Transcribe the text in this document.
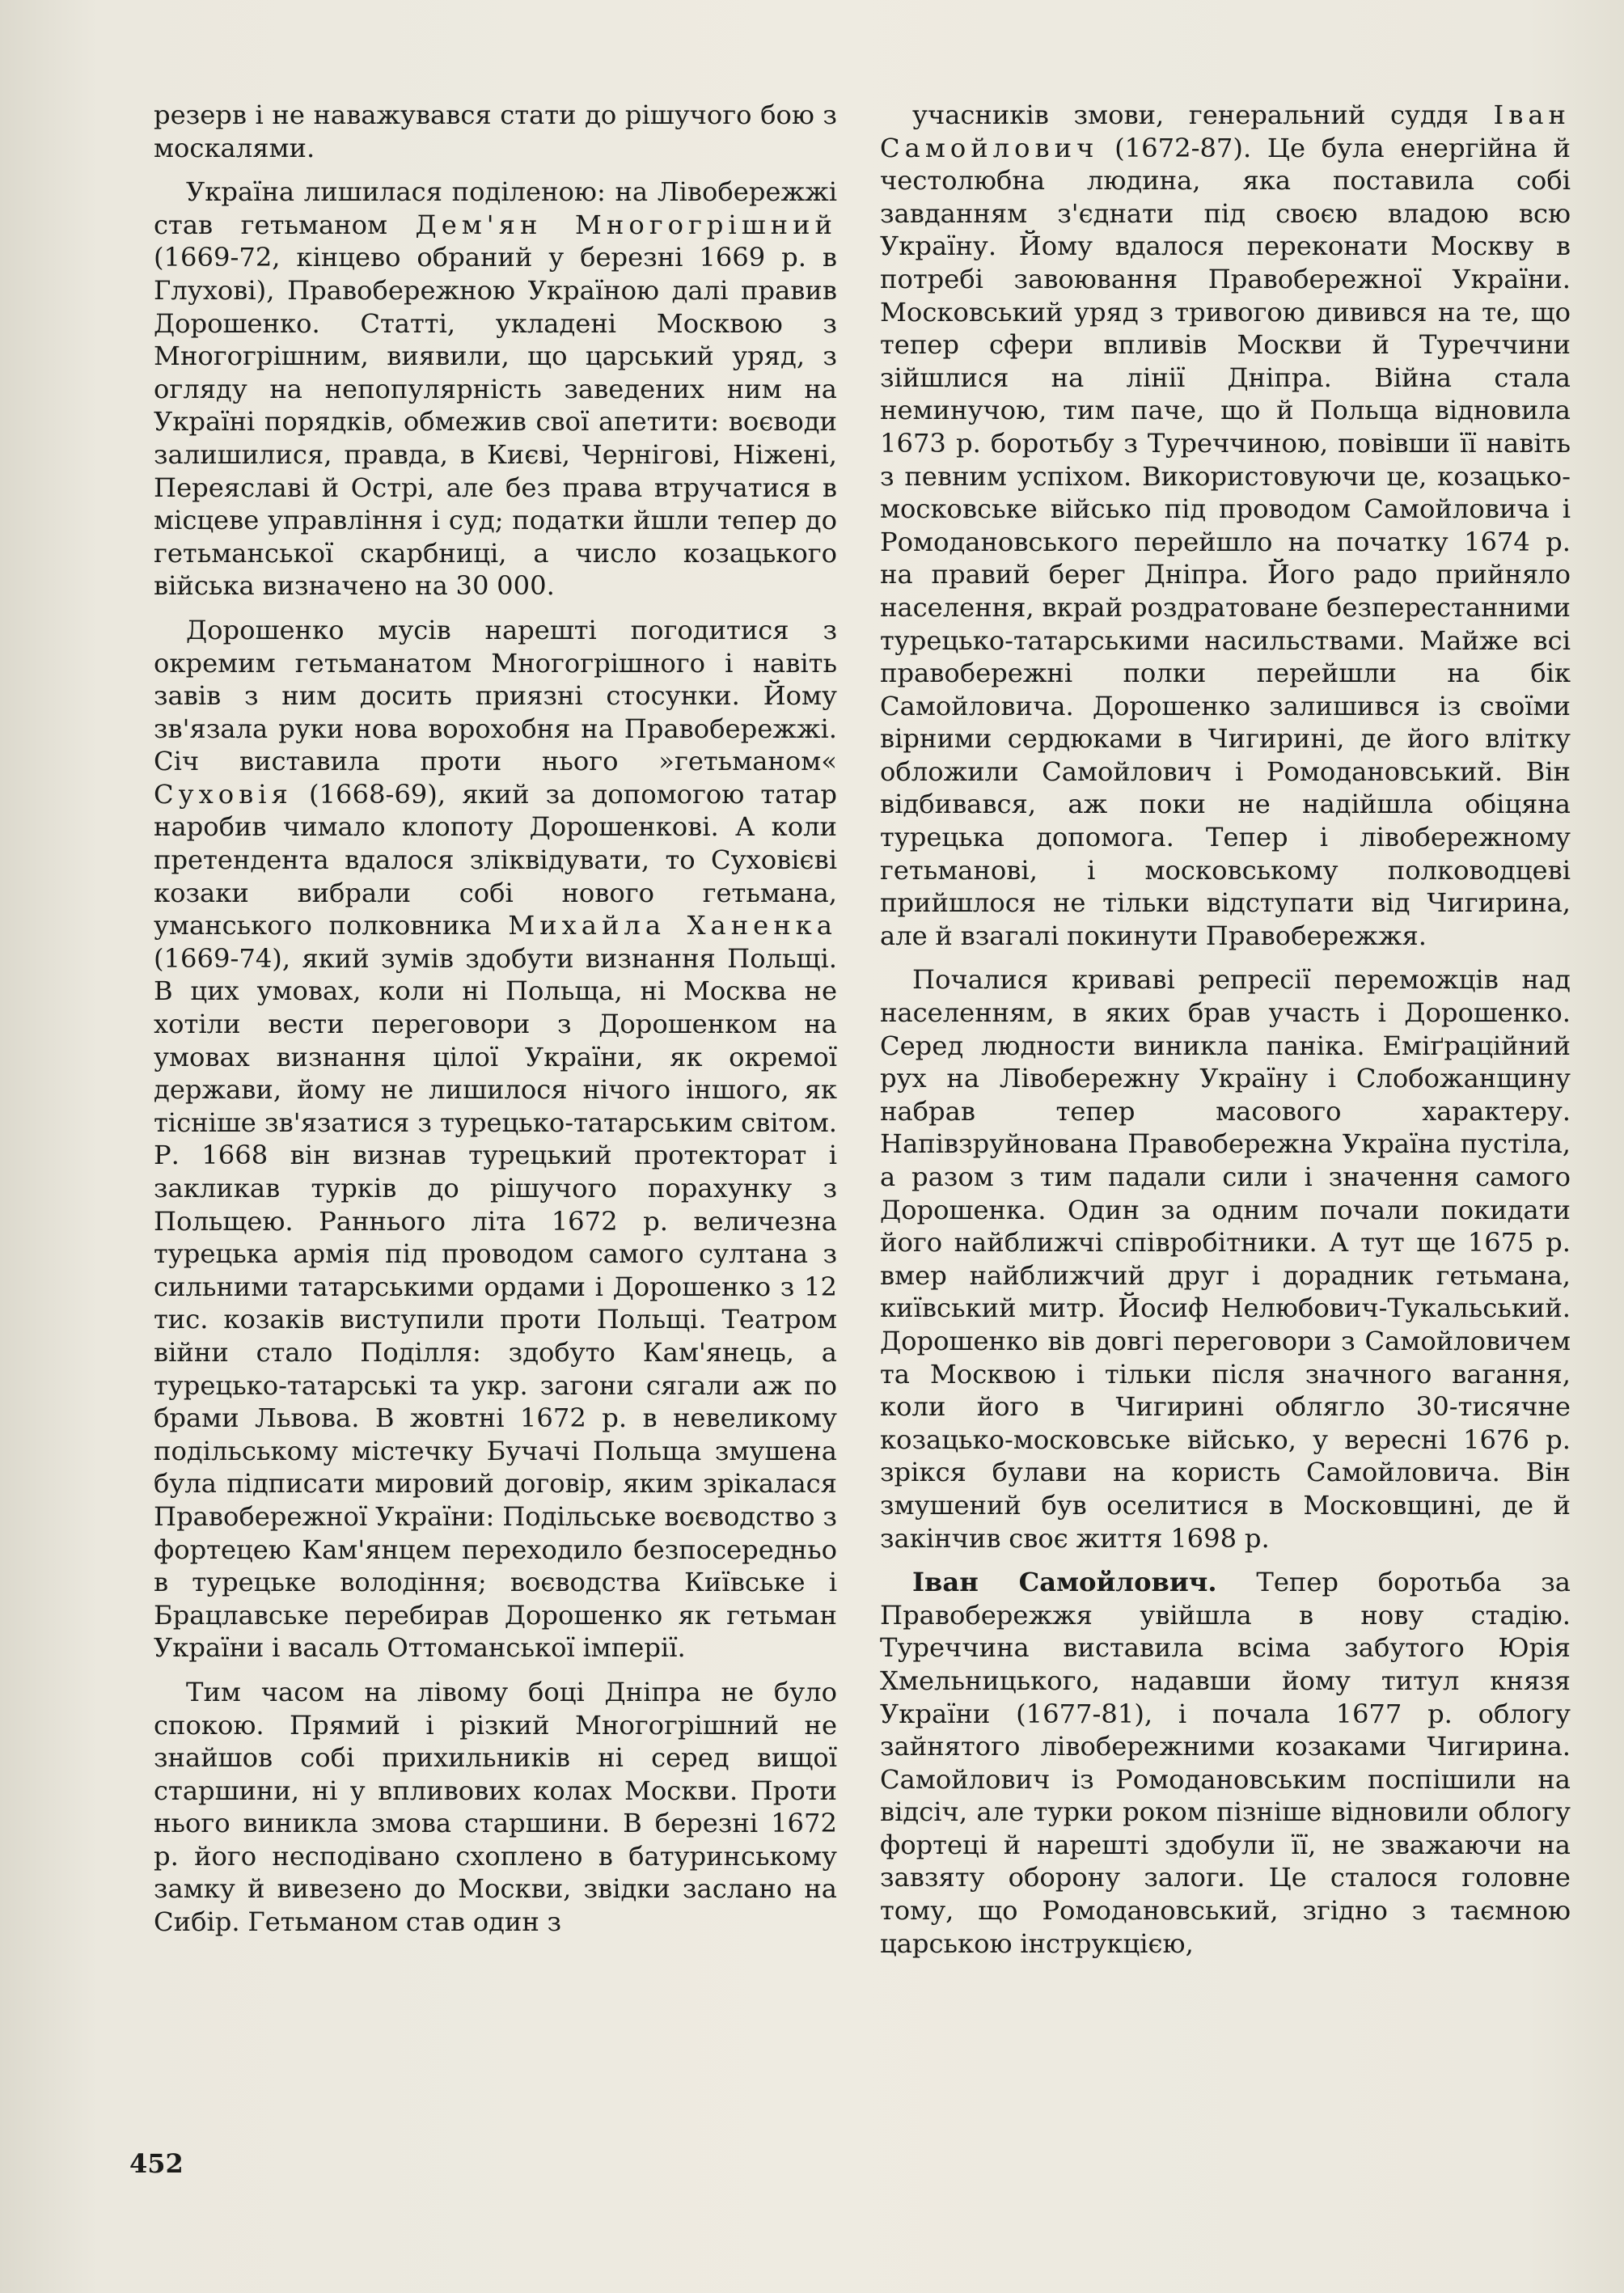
резерв і не наважувався стати до рішучого бою з москалями.

Україна лишилася поділеною: на Лівобережжі став гетьманом Дем'ян Многогрішний (1669-72, кінцево обраний у березні 1669 р. в Глухові), Правобережною Україною далі правив Дорошенко. Статті, укладені Москвою з Многогрішним, виявили, що царський уряд, з огляду на непопулярність заведених ним на Україні порядків, обмежив свої апетити: воєводи залишилися, правда, в Києві, Чернігові, Ніжені, Переяславі й Острі, але без права втручатися в місцеве управління і суд; податки йшли тепер до гетьманської скарбниці, а число козацького війська визначено на 30 000.

Дорошенко мусів нарешті погодитися з окремим гетьманатом Многогрішного і навіть завів з ним досить приязні стосунки. Йому зв'язала руки нова ворохобня на Правобережжі. Січ виставила проти нього »гетьманом« Суховія (1668-69), який за допомогою татар наробив чимало клопоту Дорошенкові. А коли претендента вдалося зліквідувати, то Суховієві козаки вибрали собі нового гетьмана, уманського полковника Михайла Ханенка (1669-74), який зумів здобути визнання Польщі. В цих умовах, коли ні Польща, ні Москва не хотіли вести переговори з Дорошенком на умовах визнання цілої України, як окремої держави, йому не лишилося нічого іншого, як тісніше зв'язатися з турецько-татарським світом. Р. 1668 він визнав турецький протекторат і закликав турків до рішучого порахунку з Польщею. Раннього літа 1672 р. величезна турецька армія під проводом самого султана з сильними татарськими ордами і Дорошенко з 12 тис. козаків виступили проти Польщі. Театром війни стало Поділля: здобуто Кам'янець, а турецько-татарські та укр. загони сягали аж по брами Львова. В жовтні 1672 р. в невеликому подільському містечку Бучачі Польща змушена була підписати мировий договір, яким зрікалася Правобережної України: Подільське воєводство з фортецею Кам'янцем переходило безпосередньо в турецьке володіння; воєводства Київське і Брацлавське перебирав Дорошенко як гетьман України і васаль Оттоманської імперії.

Тим часом на лівому боці Дніпра не було спокою. Прямий і різкий Многогрішний не знайшов собі прихильників ні серед вищої старшини, ні у впливових колах Москви. Проти нього виникла змова старшини. В березні 1672 р. його несподівано схоплено в батуринському замку й вивезено до Москви, звідки заслано на Сибір. Гетьманом став один з

учасників змови, генеральний суддя Іван Самойлович (1672-87). Це була енергійна й честолюбна людина, яка поставила собі завданням з'єднати під своєю владою всю Україну. Йому вдалося переконати Москву в потребі завоювання Правобережної України. Московський уряд з тривогою дивився на те, що тепер сфери впливів Москви й Туреччини зійшлися на лінії Дніпра. Війна стала неминучою, тим паче, що й Польща відновила 1673 р. боротьбу з Туреччиною, повівши її навіть з певним успіхом. Використовуючи це, козацько-московське військо під проводом Самойловича і Ромодановського перейшло на початку 1674 р. на правий берег Дніпра. Його радо прийняло населення, вкрай роздратоване безперестанними турецько-татарськими насильствами. Майже всі правобережні полки перейшли на бік Самойловича. Дорошенко залишився із своїми вірними сердюками в Чигирині, де його влітку обложили Самойлович і Ромодановський. Він відбивався, аж поки не надійшла обіцяна турецька допомога. Тепер і лівобережному гетьманові, і московському полководцеві прийшлося не тільки відступати від Чигирина, але й взагалі покинути Правобережжя.

Почалися криваві репресії переможців над населенням, в яких брав участь і Дорошенко. Серед людности виникла паніка. Еміґраційний рух на Лівобережну Україну і Слобожанщину набрав тепер масового характеру. Напівзруйнована Правобережна Україна пустіла, а разом з тим падали сили і значення самого Дорошенка. Один за одним почали покидати його найближчі співробітники. А тут ще 1675 р. вмер найближчий друг і дорадник гетьмана, київський митр. Йосиф Нелюбович-Тукальський. Дорошенко вів довгі переговори з Самойловичем та Москвою і тільки після значного вагання, коли його в Чигирині облягло 30-тисячне козацько-московське військо, у вересні 1676 р. зрікся булави на користь Самойловича. Він змушений був оселитися в Московщині, де й закінчив своє життя 1698 р.

Іван Самойлович. Тепер боротьба за Правобережжя увійшла в нову стадію. Туреччина виставила всіма забутого Юрія Хмельницького, надавши йому титул князя України (1677-81), і почала 1677 р. облогу зайнятого лівобережними козаками Чигирина. Самойлович із Ромодановським поспішили на відсіч, але турки роком пізніше відновили облогу фортеці й нарешті здобули її, не зважаючи на завзяту оборону залоги. Це сталося головне тому, що Ромодановський, згідно з таємною царською інструкцією,

452
